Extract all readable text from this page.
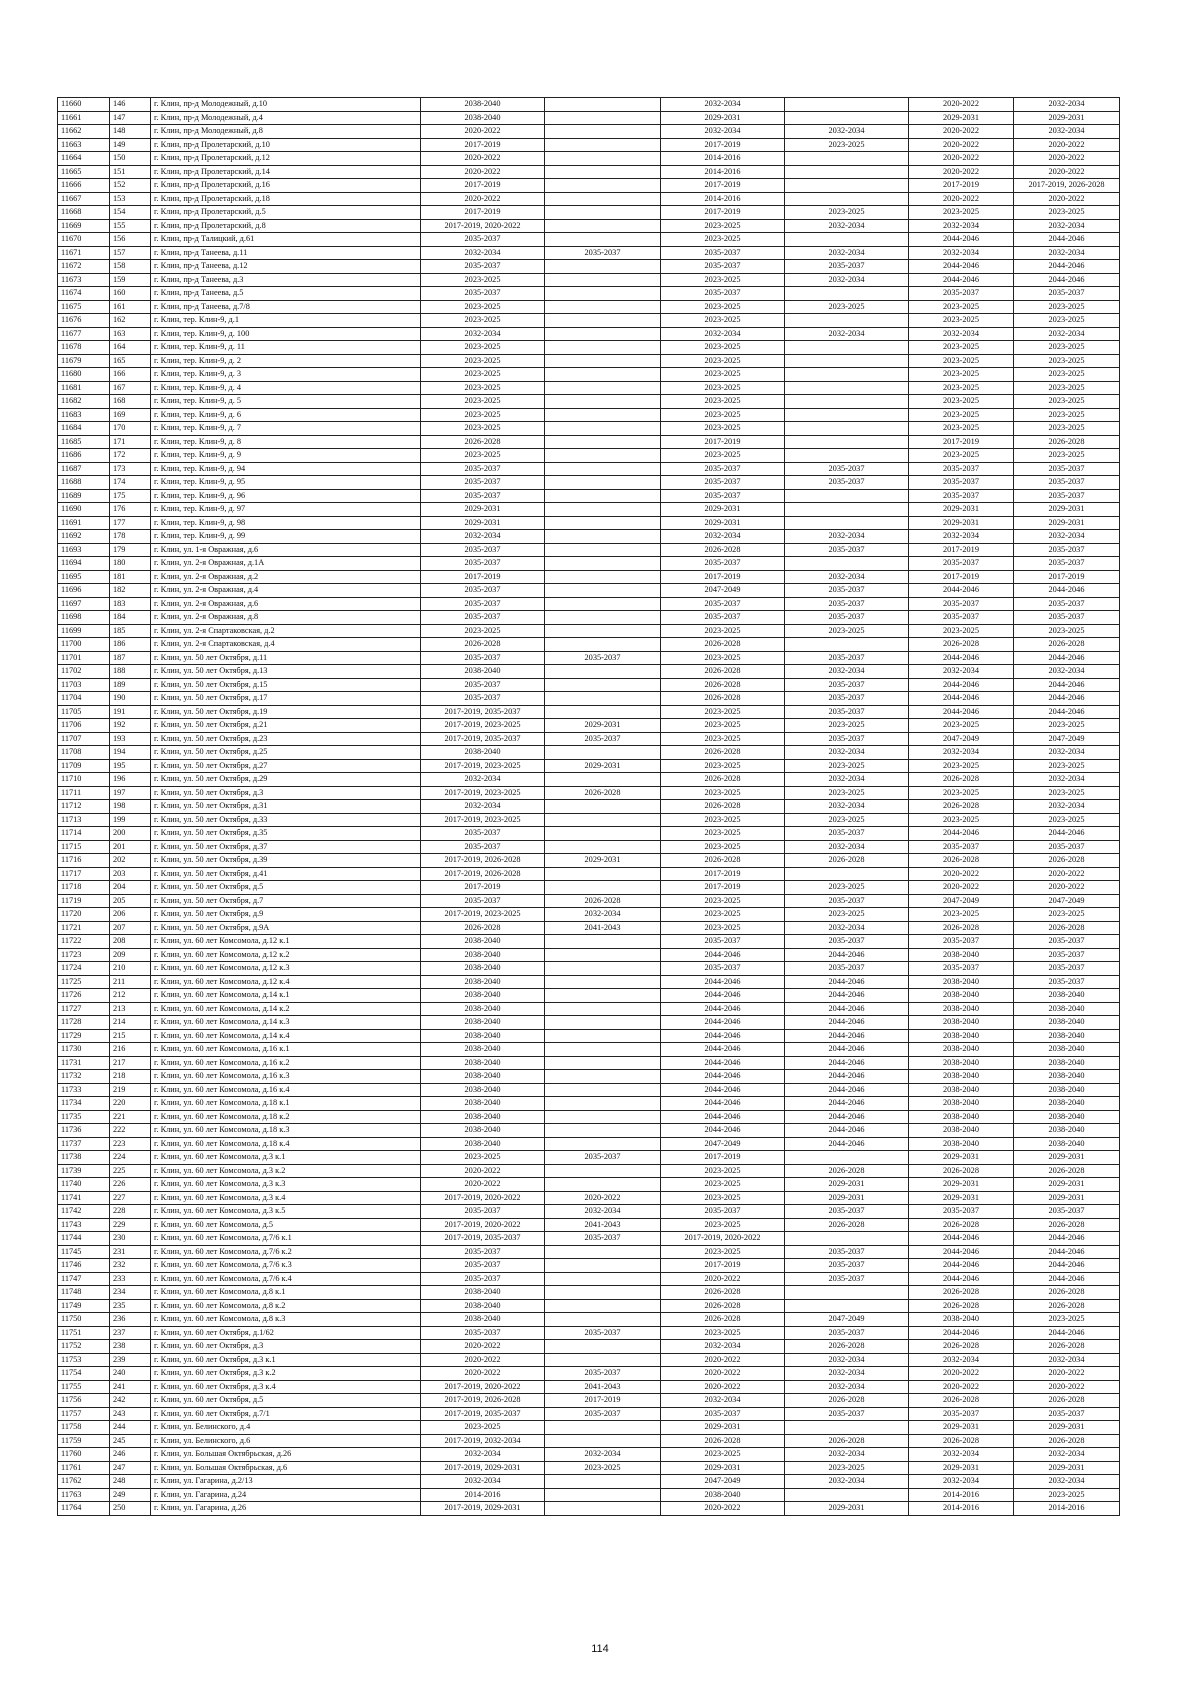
11660	146	г. Клин, пр-д Молодежный, д.10	2038-2040		2032-2034		2020-2022	2032-2034
11661	147	г. Клин, пр-д Молодежный, д.4	2038-2040		2029-2031		2029-2031	2029-2031
11662	148	г. Клин, пр-д Молодежный, д.8	2020-2022		2032-2034	2032-2034	2020-2022	2032-2034
11663	149	г. Клин, пр-д Пролетарский, д.10	2017-2019		2017-2019	2023-2025	2020-2022	2020-2022
11664	150	г. Клин, пр-д Пролетарский, д.12	2020-2022		2014-2016		2020-2022	2020-2022
11665	151	г. Клин, пр-д Пролетарский, д.14	2020-2022		2014-2016		2020-2022	2020-2022
11666	152	г. Клин, пр-д Пролетарский, д.16	2017-2019		2017-2019		2017-2019	2017-2019, 2026-2028
11667	153	г. Клин, пр-д Пролетарский, д.18	2020-2022		2014-2016		2020-2022	2020-2022
11668	154	г. Клин, пр-д Пролетарский, д.5	2017-2019		2017-2019	2023-2025	2023-2025	2023-2025
11669	155	г. Клин, пр-д Пролетарский, д.8	2017-2019, 2020-2022		2023-2025	2032-2034	2032-2034	2032-2034
11670	156	г. Клин, пр-д Талицкий, д.61	2035-2037		2023-2025		2044-2046	2044-2046
11671	157	г. Клин, пр-д Танеева, д.11	2032-2034	2035-2037	2035-2037	2032-2034	2032-2034	2032-2034
11672	158	г. Клин, пр-д Танеева, д.12	2035-2037		2035-2037	2035-2037	2044-2046	2044-2046
11673	159	г. Клин, пр-д Танеева, д.3	2023-2025		2023-2025	2032-2034	2044-2046	2044-2046
11674	160	г. Клин, пр-д Танеева, д.5	2035-2037		2035-2037		2035-2037	2035-2037
11675	161	г. Клин, пр-д Танеева, д.7/8	2023-2025		2023-2025	2023-2025	2023-2025	2023-2025
11676	162	г. Клин, тер. Клин-9, д.1	2023-2025		2023-2025		2023-2025	2023-2025
11677	163	г. Клин, тер. Клин-9, д. 100	2032-2034		2032-2034	2032-2034	2032-2034	2032-2034
11678	164	г. Клин, тер. Клин-9, д. 11	2023-2025		2023-2025		2023-2025	2023-2025
11679	165	г. Клин, тер. Клин-9, д. 2	2023-2025		2023-2025		2023-2025	2023-2025
11680	166	г. Клин, тер. Клин-9, д. 3	2023-2025		2023-2025		2023-2025	2023-2025
11681	167	г. Клин, тер. Клин-9, д. 4	2023-2025		2023-2025		2023-2025	2023-2025
11682	168	г. Клин, тер. Клин-9, д. 5	2023-2025		2023-2025		2023-2025	2023-2025
11683	169	г. Клин, тер. Клин-9, д. 6	2023-2025		2023-2025		2023-2025	2023-2025
11684	170	г. Клин, тер. Клин-9, д. 7	2023-2025		2023-2025		2023-2025	2023-2025
11685	171	г. Клин, тер. Клин-9, д. 8	2026-2028		2017-2019		2017-2019	2026-2028
11686	172	г. Клин, тер. Клин-9, д. 9	2023-2025		2023-2025		2023-2025	2023-2025
11687	173	г. Клин, тер. Клин-9, д. 94	2035-2037		2035-2037	2035-2037	2035-2037	2035-2037
11688	174	г. Клин, тер. Клин-9, д. 95	2035-2037		2035-2037	2035-2037	2035-2037	2035-2037
11689	175	г. Клин, тер. Клин-9, д. 96	2035-2037		2035-2037		2035-2037	2035-2037
11690	176	г. Клин, тер. Клин-9, д. 97	2029-2031		2029-2031		2029-2031	2029-2031
11691	177	г. Клин, тер. Клин-9, д. 98	2029-2031		2029-2031		2029-2031	2029-2031
11692	178	г. Клин, тер. Клин-9, д. 99	2032-2034		2032-2034	2032-2034	2032-2034	2032-2034
11693	179	г. Клин, ул. 1-я Овражная, д.6	2035-2037		2026-2028	2035-2037	2017-2019	2035-2037
11694	180	г. Клин, ул. 2-я Овражная, д.1А	2035-2037		2035-2037		2035-2037	2035-2037
11695	181	г. Клин, ул. 2-я Овражная, д.2	2017-2019		2017-2019	2032-2034	2017-2019	2017-2019
11696	182	г. Клин, ул. 2-я Овражная, д.4	2035-2037		2047-2049	2035-2037	2044-2046	2044-2046
11697	183	г. Клин, ул. 2-я Овражная, д.6	2035-2037		2035-2037	2035-2037	2035-2037	2035-2037
11698	184	г. Клин, ул. 2-я Овражная, д.8	2035-2037		2035-2037	2035-2037	2035-2037	2035-2037
11699	185	г. Клин, ул. 2-я Спартаковская, д.2	2023-2025		2023-2025	2023-2025	2023-2025	2023-2025
11700	186	г. Клин, ул. 2-я Спартаковская, д.4	2026-2028		2026-2028		2026-2028	2026-2028
11701	187	г. Клин, ул. 50 лет Октября, д.11	2035-2037	2035-2037	2023-2025	2035-2037	2044-2046	2044-2046
11702	188	г. Клин, ул. 50 лет Октября, д.13	2038-2040		2026-2028	2032-2034	2032-2034	2032-2034
11703	189	г. Клин, ул. 50 лет Октября, д.15	2035-2037		2026-2028	2035-2037	2044-2046	2044-2046
11704	190	г. Клин, ул. 50 лет Октября, д.17	2035-2037		2026-2028	2035-2037	2044-2046	2044-2046
11705	191	г. Клин, ул. 50 лет Октября, д.19	2017-2019, 2035-2037		2023-2025	2035-2037	2044-2046	2044-2046
11706	192	г. Клин, ул. 50 лет Октября, д.21	2017-2019, 2023-2025	2029-2031	2023-2025	2023-2025	2023-2025	2023-2025
11707	193	г. Клин, ул. 50 лет Октября, д.23	2017-2019, 2035-2037	2035-2037	2023-2025	2035-2037	2047-2049	2047-2049
11708	194	г. Клин, ул. 50 лет Октября, д.25	2038-2040		2026-2028	2032-2034	2032-2034	2032-2034
11709	195	г. Клин, ул. 50 лет Октября, д.27	2017-2019, 2023-2025	2029-2031	2023-2025	2023-2025	2023-2025	2023-2025
11710	196	г. Клин, ул. 50 лет Октября, д.29	2032-2034		2026-2028	2032-2034	2026-2028	2032-2034
11711	197	г. Клин, ул. 50 лет Октября, д.3	2017-2019, 2023-2025	2026-2028	2023-2025	2023-2025	2023-2025	2023-2025
11712	198	г. Клин, ул. 50 лет Октября, д.31	2032-2034		2026-2028	2032-2034	2026-2028	2032-2034
11713	199	г. Клин, ул. 50 лет Октября, д.33	2017-2019, 2023-2025		2023-2025	2023-2025	2023-2025	2023-2025
11714	200	г. Клин, ул. 50 лет Октября, д.35	2035-2037		2023-2025	2035-2037	2044-2046	2044-2046
11715	201	г. Клин, ул. 50 лет Октября, д.37	2035-2037		2023-2025	2032-2034	2035-2037	2035-2037
11716	202	г. Клин, ул. 50 лет Октября, д.39	2017-2019, 2026-2028	2029-2031	2026-2028	2026-2028	2026-2028	2026-2028
11717	203	г. Клин, ул. 50 лет Октября, д.41	2017-2019, 2026-2028		2017-2019		2020-2022	2020-2022
11718	204	г. Клин, ул. 50 лет Октября, д.5	2017-2019		2017-2019	2023-2025	2020-2022	2020-2022
11719	205	г. Клин, ул. 50 лет Октября, д.7	2035-2037	2026-2028	2023-2025	2035-2037	2047-2049	2047-2049
11720	206	г. Клин, ул. 50 лет Октября, д.9	2017-2019, 2023-2025	2032-2034	2023-2025	2023-2025	2023-2025	2023-2025
11721	207	г. Клин, ул. 50 лет Октября, д.9А	2026-2028	2041-2043	2023-2025	2032-2034	2026-2028	2026-2028
11722	208	г. Клин, ул. 60 лет Комсомола, д.12 к.1	2038-2040		2035-2037	2035-2037	2035-2037	2035-2037
11723	209	г. Клин, ул. 60 лет Комсомола, д.12 к.2	2038-2040		2044-2046	2044-2046	2038-2040	2035-2037
11724	210	г. Клин, ул. 60 лет Комсомола, д.12 к.3	2038-2040		2035-2037	2035-2037	2035-2037	2035-2037
11725	211	г. Клин, ул. 60 лет Комсомола, д.12 к.4	2038-2040		2044-2046	2044-2046	2038-2040	2035-2037
11726	212	г. Клин, ул. 60 лет Комсомола, д.14 к.1	2038-2040		2044-2046	2044-2046	2038-2040	2038-2040
11727	213	г. Клин, ул. 60 лет Комсомола, д.14 к.2	2038-2040		2044-2046	2044-2046	2038-2040	2038-2040
11728	214	г. Клин, ул. 60 лет Комсомола, д.14 к.3	2038-2040		2044-2046	2044-2046	2038-2040	2038-2040
11729	215	г. Клин, ул. 60 лет Комсомола, д.14 к.4	2038-2040		2044-2046	2044-2046	2038-2040	2038-2040
11730	216	г. Клин, ул. 60 лет Комсомола, д.16 к.1	2038-2040		2044-2046	2044-2046	2038-2040	2038-2040
11731	217	г. Клин, ул. 60 лет Комсомола, д.16 к.2	2038-2040		2044-2046	2044-2046	2038-2040	2038-2040
11732	218	г. Клин, ул. 60 лет Комсомола, д.16 к.3	2038-2040		2044-2046	2044-2046	2038-2040	2038-2040
11733	219	г. Клин, ул. 60 лет Комсомола, д.16 к.4	2038-2040		2044-2046	2044-2046	2038-2040	2038-2040
11734	220	г. Клин, ул. 60 лет Комсомола, д.18 к.1	2038-2040		2044-2046	2044-2046	2038-2040	2038-2040
11735	221	г. Клин, ул. 60 лет Комсомола, д.18 к.2	2038-2040		2044-2046	2044-2046	2038-2040	2038-2040
11736	222	г. Клин, ул. 60 лет Комсомола, д.18 к.3	2038-2040		2044-2046	2044-2046	2038-2040	2038-2040
11737	223	г. Клин, ул. 60 лет Комсомола, д.18 к.4	2038-2040		2047-2049	2044-2046	2038-2040	2038-2040
11738	224	г. Клин, ул. 60 лет Комсомола, д.3 к.1	2023-2025	2035-2037	2017-2019		2029-2031	2029-2031
11739	225	г. Клин, ул. 60 лет Комсомола, д.3 к.2	2020-2022		2023-2025	2026-2028	2026-2028	2026-2028
11740	226	г. Клин, ул. 60 лет Комсомола, д.3 к.3	2020-2022		2023-2025	2029-2031	2029-2031	2029-2031
11741	227	г. Клин, ул. 60 лет Комсомола, д.3 к.4	2017-2019, 2020-2022	2020-2022	2023-2025	2029-2031	2029-2031	2029-2031
11742	228	г. Клин, ул. 60 лет Комсомола, д.3 к.5	2035-2037	2032-2034	2035-2037	2035-2037	2035-2037	2035-2037
11743	229	г. Клин, ул. 60 лет Комсомола, д.5	2017-2019, 2020-2022	2041-2043	2023-2025	2026-2028	2026-2028	2026-2028
11744	230	г. Клин, ул. 60 лет Комсомола, д.7/6 к.1	2017-2019, 2035-2037	2035-2037	2017-2019, 2020-2022		2044-2046	2044-2046
11745	231	г. Клин, ул. 60 лет Комсомола, д.7/6 к.2	2035-2037		2023-2025	2035-2037	2044-2046	2044-2046
11746	232	г. Клин, ул. 60 лет Комсомола, д.7/6 к.3	2035-2037		2017-2019	2035-2037	2044-2046	2044-2046
11747	233	г. Клин, ул. 60 лет Комсомола, д.7/6 к.4	2035-2037		2020-2022	2035-2037	2044-2046	2044-2046
11748	234	г. Клин, ул. 60 лет Комсомола, д.8 к.1	2038-2040		2026-2028		2026-2028	2026-2028
11749	235	г. Клин, ул. 60 лет Комсомола, д.8 к.2	2038-2040		2026-2028		2026-2028	2026-2028
11750	236	г. Клин, ул. 60 лет Комсомола, д.8 к.3	2038-2040		2026-2028	2047-2049	2038-2040	2023-2025
11751	237	г. Клин, ул. 60 лет Октября, д.1/62	2035-2037	2035-2037	2023-2025	2035-2037	2044-2046	2044-2046
11752	238	г. Клин, ул. 60 лет Октября, д.3	2020-2022		2032-2034	2026-2028	2026-2028	2026-2028
11753	239	г. Клин, ул. 60 лет Октября, д.3 к.1	2020-2022		2020-2022	2032-2034	2032-2034	2032-2034
11754	240	г. Клин, ул. 60 лет Октября, д.3 к.2	2020-2022	2035-2037	2020-2022	2032-2034	2020-2022	2020-2022
11755	241	г. Клин, ул. 60 лет Октября, д.3 к.4	2017-2019, 2020-2022	2041-2043	2020-2022	2032-2034	2020-2022	2020-2022
11756	242	г. Клин, ул. 60 лет Октября, д.5	2017-2019, 2026-2028	2017-2019	2032-2034	2026-2028	2026-2028	2026-2028
11757	243	г. Клин, ул. 60 лет Октября, д.7/1	2017-2019, 2035-2037	2035-2037	2035-2037	2035-2037	2035-2037	2035-2037
11758	244	г. Клин, ул. Белинского, д.4	2023-2025		2029-2031		2029-2031	2029-2031
11759	245	г. Клин, ул. Белинского, д.6	2017-2019, 2032-2034		2026-2028	2026-2028	2026-2028	2026-2028
11760	246	г. Клин, ул. Большая Октябрьская, д.26	2032-2034	2032-2034	2023-2025	2032-2034	2032-2034	2032-2034
11761	247	г. Клин, ул. Большая Октябрьская, д.6	2017-2019, 2029-2031	2023-2025	2029-2031	2023-2025	2029-2031	2029-2031
11762	248	г. Клин, ул. Гагарина, д.2/13	2032-2034		2047-2049	2032-2034	2032-2034	2032-2034
11763	249	г. Клин, ул. Гагарина, д.24	2014-2016		2038-2040		2014-2016	2023-2025
11764	250	г. Клин, ул. Гагарина, д.26	2017-2019, 2029-2031		2020-2022	2029-2031	2014-2016	2014-2016
114
